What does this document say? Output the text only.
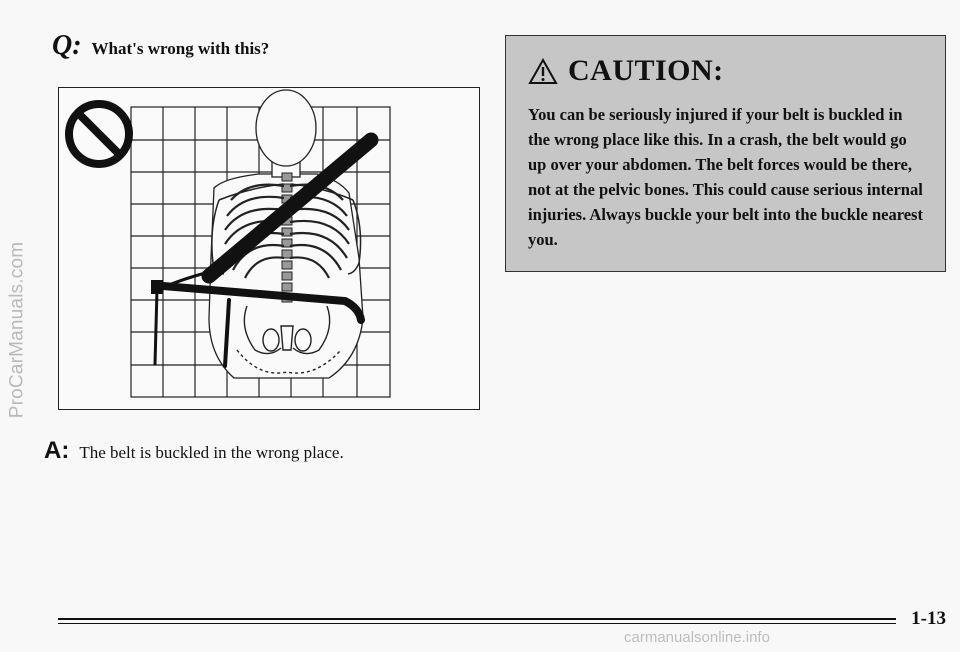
ProCarManuals.com
Q: What's wrong with this?
A: The belt is buckled in the wrong place.
CAUTION:

You can be seriously injured if your belt is buckled in the wrong place like this. In a crash, the belt would go up over your abdomen. The belt forces would be there, not at the pelvic bones. This could cause serious internal injuries. Always buckle your belt into the buckle nearest you.

1-13
carmanualsonline.info
